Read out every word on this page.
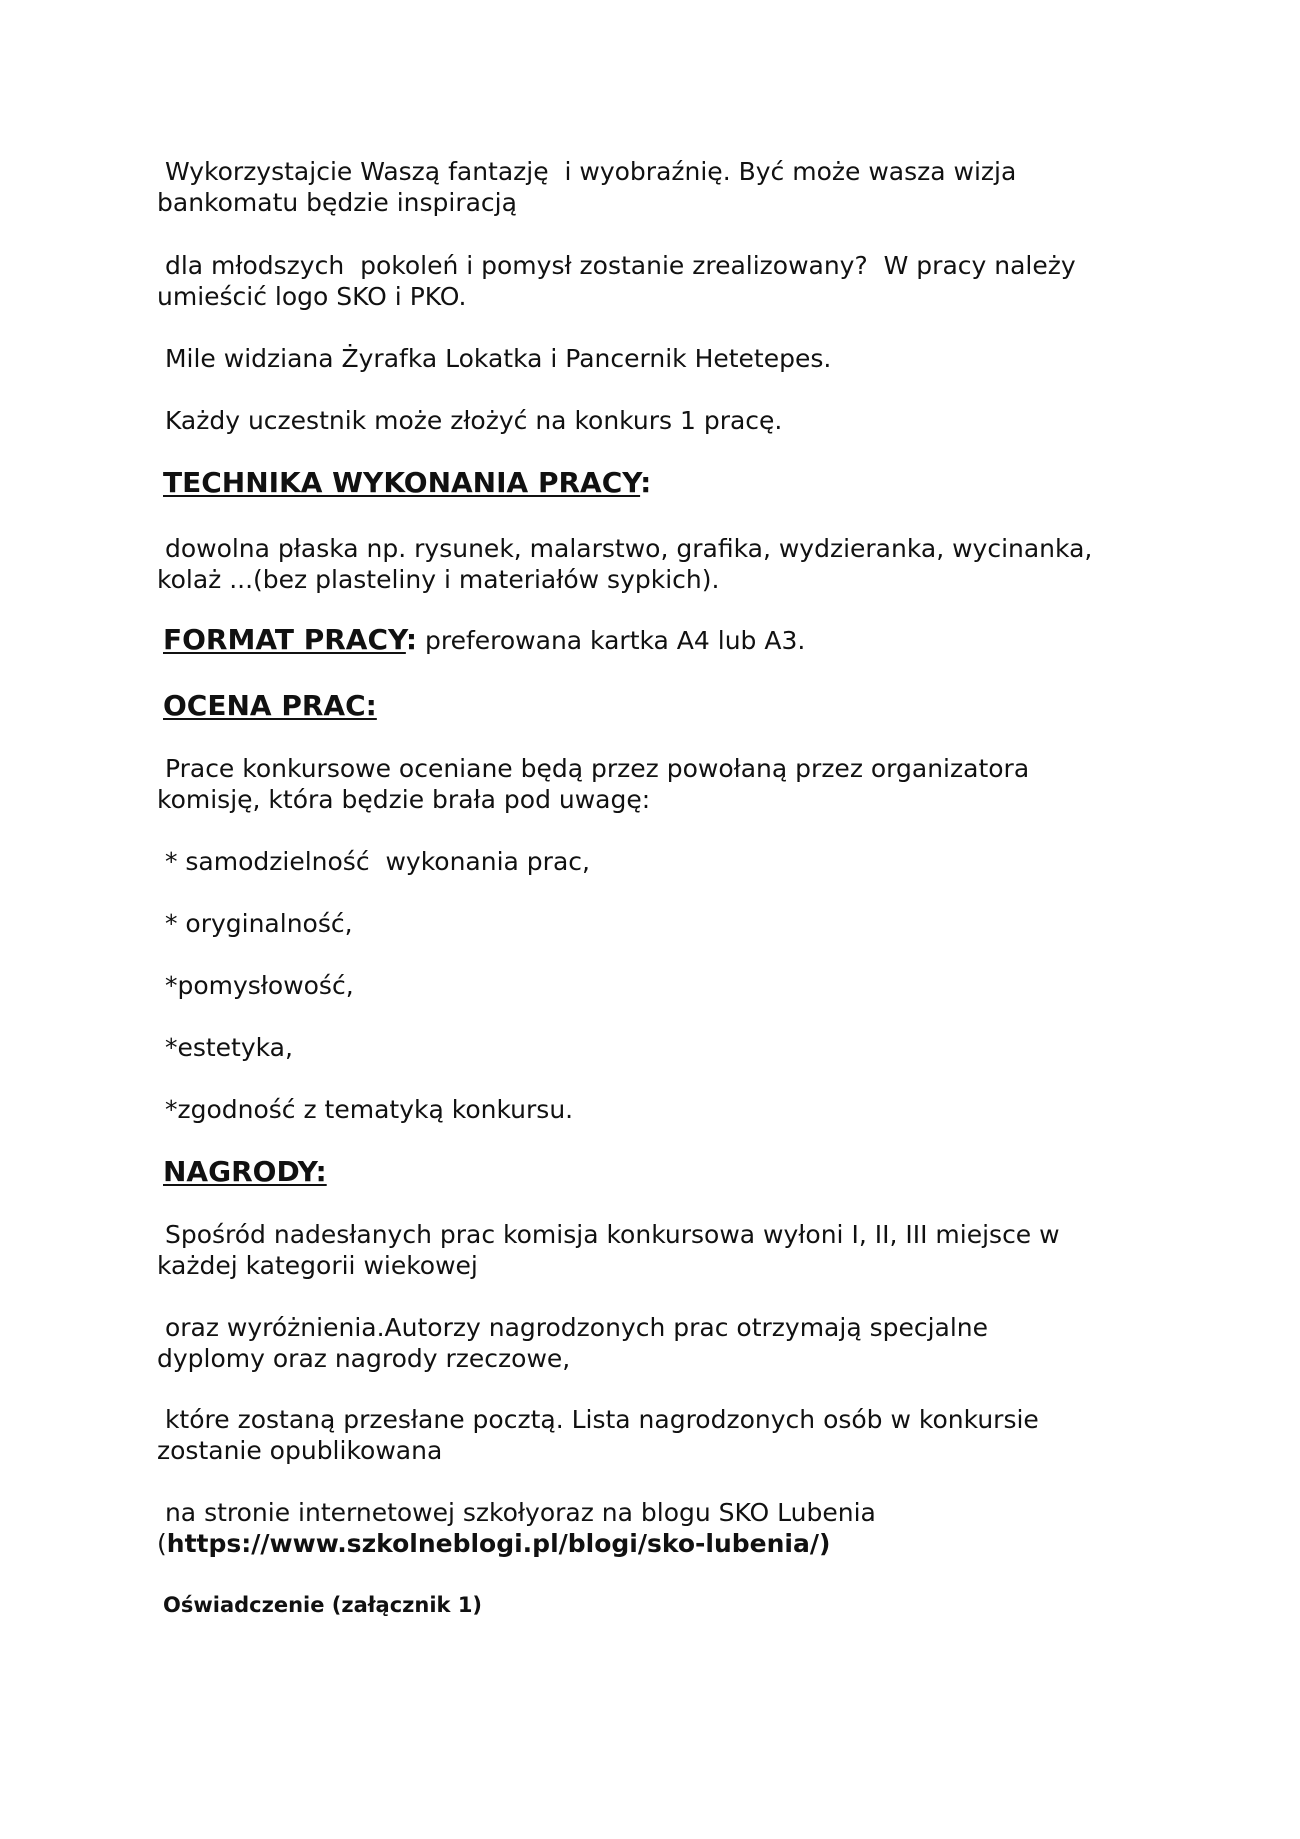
Wykorzystajcie Waszą fantazję  i wyobraźnię. Być może wasza wizja
bankomatu będzie inspiracją

dla młodszych  pokoleń i pomysł zostanie zrealizowany?  W pracy należy
umieścić logo SKO i PKO.

Mile widziana Żyrafka Lokatka i Pancernik Hetetepes.

Każdy uczestnik może złożyć na konkurs 1 pracę.

TECHNIKA WYKONANIA PRACY:

dowolna płaska np. rysunek, malarstwo, grafika, wydzieranka, wycinanka,
kolaż ...(bez plasteliny i materiałów sypkich).

FORMAT PRACY: preferowana kartka A4 lub A3.
OCENA PRAC:

Prace konkursowe oceniane będą przez powołaną przez organizatora
komisję, która będzie brała pod uwagę:

* samodzielność  wykonania prac,

* oryginalność,

*pomysłowość,

*estetyka,

*zgodność z tematyką konkursu.

NAGRODY:

Spośród nadesłanych prac komisja konkursowa wyłoni I, II, III miejsce w
każdej kategorii wiekowej

oraz wyróżnienia.Autorzy nagrodzonych prac otrzymają specjalne
dyplomy oraz nagrody rzeczowe,

które zostaną przesłane pocztą. Lista nagrodzonych osób w konkursie
zostanie opublikowana

na stronie internetowej szkołyoraz na blogu SKO Lubenia
(https://www.szkolneblogi.pl/blogi/sko-lubenia/)

Oświadczenie (załącznik 1)
